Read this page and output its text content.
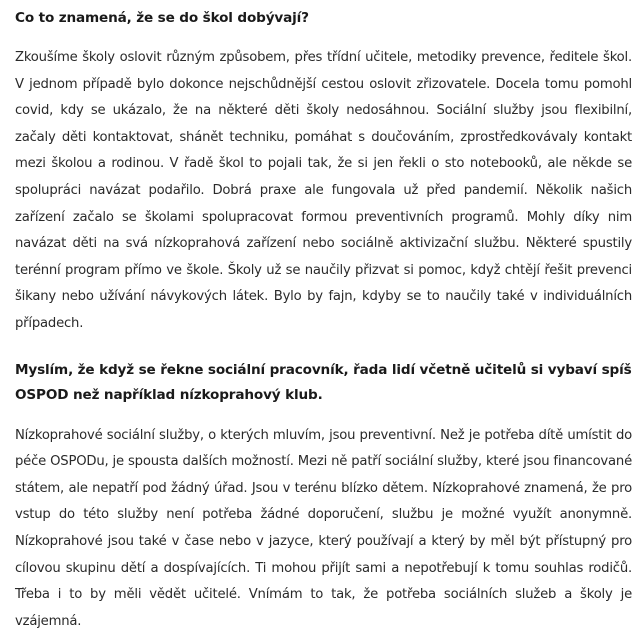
Co to znamená, že se do škol dobývají?

Zkoušíme školy oslovit různým způsobem, přes třídní učitele, metodiky prevence, ředitele škol. V jednom případě bylo dokonce nejschůdnější cestou oslovit zřizovatele. Docela tomu pomohl covid, kdy se ukázalo, že na některé děti školy nedosáhnou. Sociální služby jsou flexibilní, začaly děti kontaktovat, shánět techniku, pomáhat s doučováním, zprostředkovávaly kontakt mezi školou a rodinou. V řadě škol to pojali tak, že si jen řekli o sto notebooků, ale někde se spolupráci navázat podařilo. Dobrá praxe ale fungovala už před pandemií. Několik našich zařízení začalo se školami spolupracovat formou preventivních programů. Mohly díky nim navázat děti na svá nízkoprahová zařízení nebo sociálně aktivizační službu. Některé spustily terénní program přímo ve škole. Školy už se naučily přizvat si pomoc, když chtějí řešit prevenci šikany nebo užívání návykových látek. Bylo by fajn, kdyby se to naučily také v individuálních případech.

Myslím, že když se řekne sociální pracovník, řada lidí včetně učitelů si vybaví spíš OSPOD než například nízkoprahový klub.

Nízkoprahové sociální služby, o kterých mluvím, jsou preventivní. Než je potřeba dítě umístit do péče OSPODu, je spousta dalších možností. Mezi ně patří sociální služby, které jsou financované státem, ale nepatří pod žádný úřad. Jsou v terénu blízko dětem. Nízkoprahové znamená, že pro vstup do této služby není potřeba žádné doporučení, službu je možné využít anonymně. Nízkoprahové jsou také v čase nebo v jazyce, který používají a který by měl být přístupný pro cílovou skupinu dětí a dospívajících. Ti mohou přijít sami a nepotřebují k tomu souhlas rodičů. Třeba i to by měli vědět učitelé. Vnímám to tak, že potřeba sociálních služeb a školy je vzájemná.
